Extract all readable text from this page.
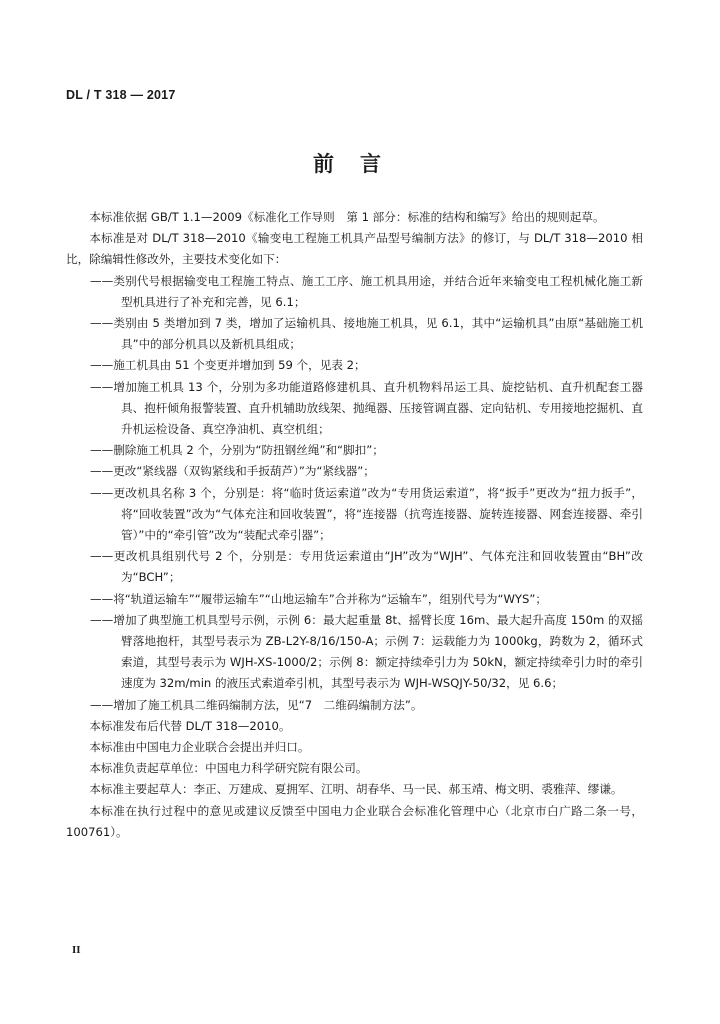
DL / T 318 — 2017
前言

本标准依据 GB/T 1.1—2009《标准化工作导则　第 1 部分：标准的结构和编写》给出的规则起草。

本标准是对 DL/T 318—2010《输变电工程施工机具产品型号编制方法》的修订，与 DL/T 318—2010 相比，除编辑性修改外，主要技术变化如下：

——类别代号根据输变电工程施工特点、施工工序、施工机具用途，并结合近年来输变电工程机械化施工新型机具进行了补充和完善，见 6.1；

——类别由 5 类增加到 7 类，增加了运输机具、接地施工机具，见 6.1，其中“运输机具”由原“基础施工机具”中的部分机具以及新机具组成；

——施工机具由 51 个变更并增加到 59 个，见表 2；

——增加施工机具 13 个，分别为多功能道路修建机具、直升机物料吊运工具、旋挖钻机、直升机配套工器具、抱杆倾角报警装置、直升机辅助放线架、抛绳器、压接管调直器、定向钻机、专用接地挖掘机、直升机运检设备、真空净油机、真空机组；

——删除施工机具 2 个，分别为“防扭钢丝绳”和“脚扣”；

——更改“紧线器（双钩紧线和手扳葫芦）”为“紧线器”；

——更改机具名称 3 个，分别是：将“临时货运索道”改为“专用货运索道”，将“扳手”更改为“扭力扳手”，将“回收装置”改为“气体充注和回收装置”，将“连接器（抗弯连接器、旋转连接器、网套连接器、牵引管）”中的“牵引管”改为“装配式牵引器”；

——更改机具组别代号 2 个，分别是：专用货运索道由“JH”改为“WJH”、气体充注和回收装置由“BH”改为“BCH”；

——将“轨道运输车”“履带运输车”“山地运输车”合并称为“运输车”，组别代号为“WYS”；

——增加了典型施工机具型号示例，示例 6：最大起重量 8t、摇臂长度 16m、最大起升高度 150m 的双摇臂落地抱杆，其型号表示为 ZB-L2Y-8/16/150-A；示例 7：运载能力为 1000kg，跨数为 2，循环式索道，其型号表示为 WJH-XS-1000/2；示例 8：额定持续牵引力为 50kN，额定持续牵引力时的牵引速度为 32m/min 的液压式索道牵引机，其型号表示为 WJH-WSQJY-50/32，见 6.6；

——增加了施工机具二维码编制方法，见“7　二维码编制方法”。

本标准发布后代替 DL/T 318—2010。

本标准由中国电力企业联合会提出并归口。

本标准负责起草单位：中国电力科学研究院有限公司。

本标准主要起草人：李正、万建成、夏拥军、江明、胡春华、马一民、郝玉靖、梅文明、裘雅萍、缪谦。

本标准在执行过程中的意见或建议反馈至中国电力企业联合会标准化管理中心（北京市白广路二条一号，100761）。

II
